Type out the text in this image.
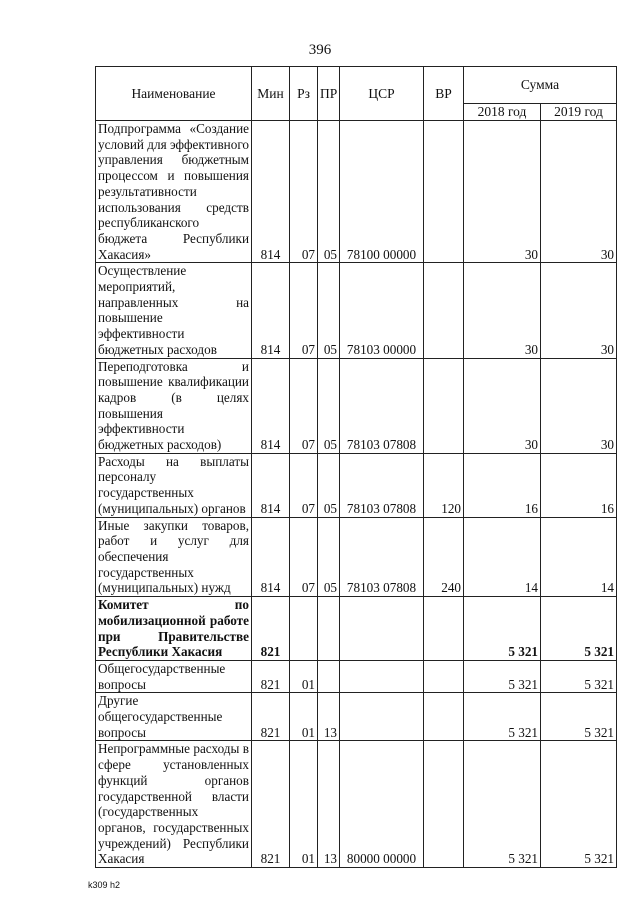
396
Наименование	Мин	Рз	ПР	ЦСР	ВР	Сумма	
						2018 год	2019 год
Подпрограмма «Создание условий для эффективного управления бюджетным процессом и повышения результативности использования средств республиканского бюджета Республики Хакасия»	814	07	05	78100 00000		30	30
Осуществление мероприятий, направленных на повышение эффективности бюджетных расходов	814	07	05	78103 00000		30	30
Переподготовка и повышение квалификации кадров (в целях повышения эффективности бюджетных расходов)	814	07	05	78103 07808		30	30
Расходы на выплаты персоналу государственных (муниципальных) органов	814	07	05	78103 07808	120	16	16
Иные закупки товаров, работ и услуг для обеспечения государственных (муниципальных) нужд	814	07	05	78103 07808	240	14	14
Комитет по мобилизационной работе при Правительстве Республики Хакасия	821					5 321	5 321
Общегосударственные вопросы	821	01				5 321	5 321
Другие общегосударственные вопросы	821	01	13			5 321	5 321
Непрограммные расходы в сфере установленных функций органов государственной власти (государственных органов, государственных учреждений) Республики Хакасия	821	01	13	80000 00000		5 321	5 321
k309 h2
